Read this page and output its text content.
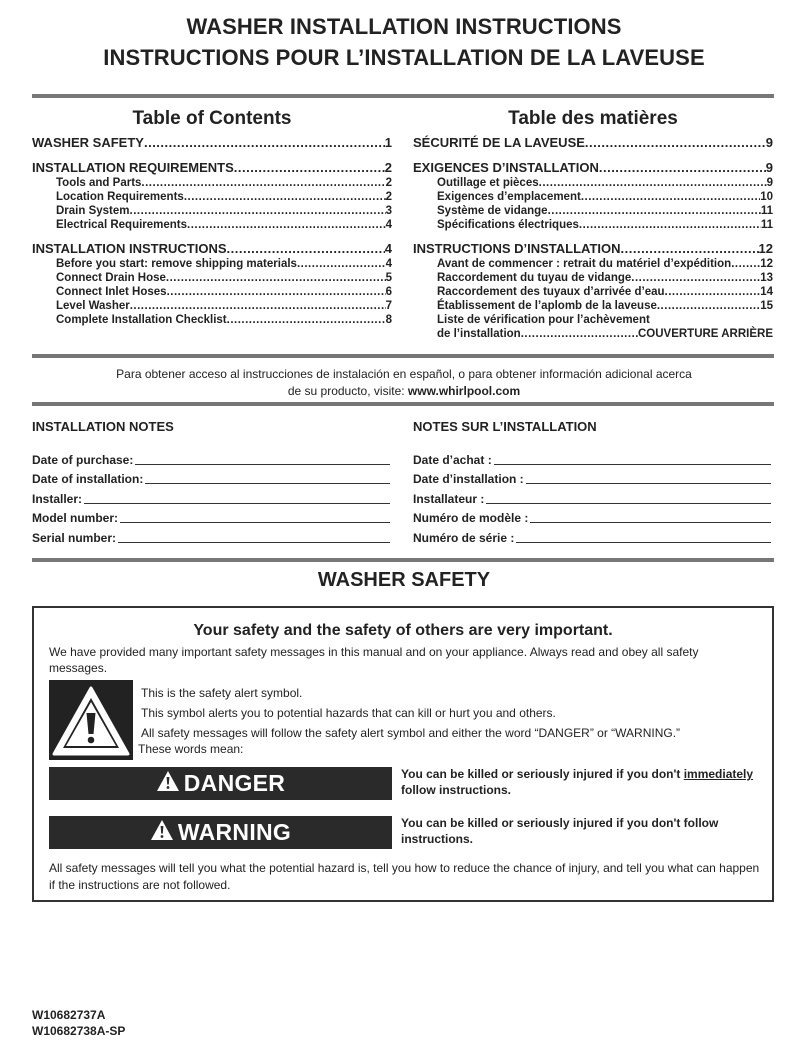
WASHER INSTALLATION INSTRUCTIONS
INSTRUCTIONS POUR L’INSTALLATION DE LA LAVEUSE
Table of Contents
WASHER SAFETY .....	1
INSTALLATION REQUIREMENTS .....	2
Tools and Parts .....	2
Location Requirements .....	2
Drain System .....	3
Electrical Requirements .....	4
INSTALLATION INSTRUCTIONS .....	4
Before you start: remove shipping materials .....	4
Connect Drain Hose .....	5
Connect Inlet Hoses .....	6
Level Washer .....	7
Complete Installation Checklist .....	8
Table des matières
SÉCURITÉ DE LA LAVEUSE .....	9
EXIGENCES D’INSTALLATION .....	9
Outillage et pièces .....	9
Exigences d’emplacement .....	10
Système de vidange .....	11
Spécifications électriques .....	11
INSTRUCTIONS D’INSTALLATION .....	12
Avant de commencer : retrait du matériel d’expédition .....	12
Raccordement du tuyau de vidange .....	13
Raccordement des tuyaux d’arrivée d’eau .....	14
Établissement de l’aplomb de la laveuse .....	15
Liste de vérification pour l’achèvement
de l’installation .....	COUVERTURE ARRIÈRE
Para obtener acceso al instrucciones de instalación en español, o para obtener información adicional acerca
de su producto, visite: www.whirlpool.com
INSTALLATION NOTES
Date of purchase:
Date of installation:
Installer:
Model number:
Serial number:
NOTES SUR L’INSTALLATION
Date d’achat :
Date d’installation :
Installateur :
Numéro de modèle :
Numéro de série :
WASHER SAFETY
Your safety and the safety of others are very important.
We have provided many important safety messages in this manual and on your appliance. Always read and obey all safety messages.
This is the safety alert symbol.
This symbol alerts you to potential hazards that can kill or hurt you and others.
All safety messages will follow the safety alert symbol and either the word “DANGER” or “WARNING.”
These words mean:
DANGER	You can be killed or seriously injured if you don't immediately follow instructions.
WARNING	You can be killed or seriously injured if you don't follow instructions.
All safety messages will tell you what the potential hazard is, tell you how to reduce the chance of injury, and tell you what can happen if the instructions are not followed.
W10682737A
W10682738A-SP
